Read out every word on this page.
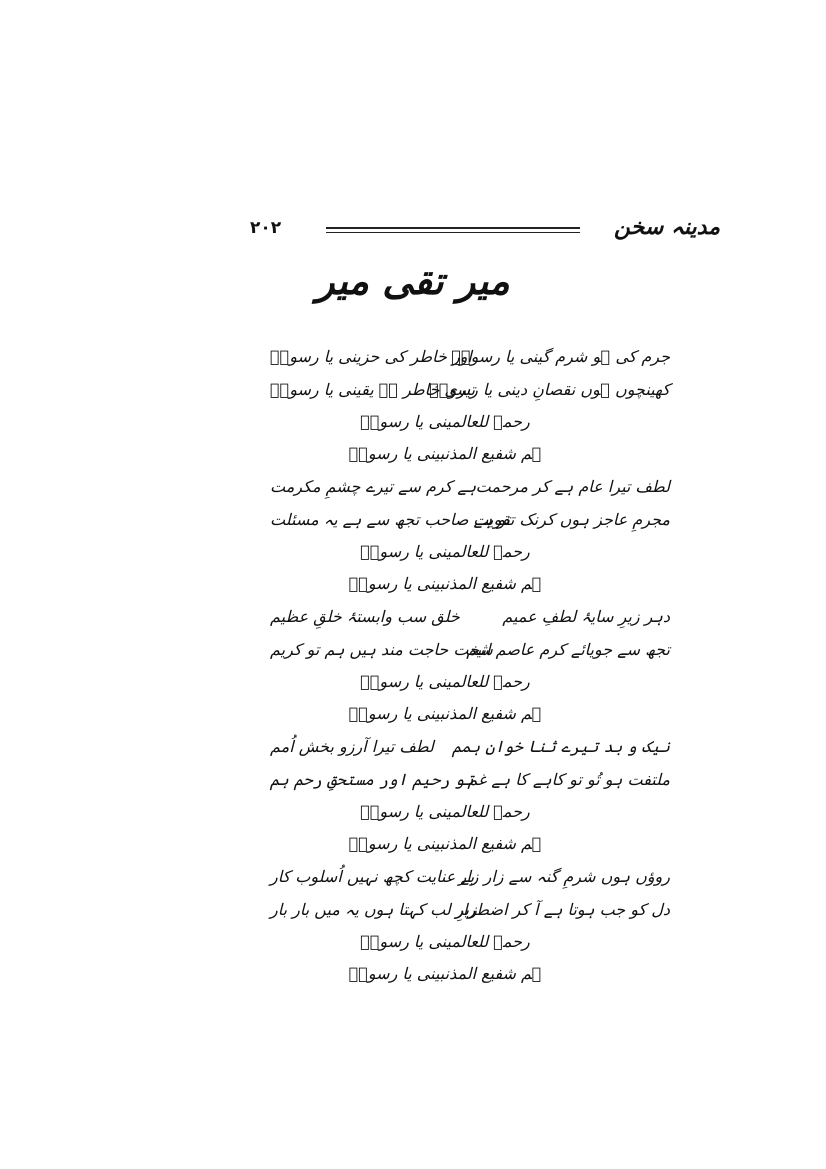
۲۰۲	مدینہ سخن
میر تقی میر
جرم کی ہو شرم گینی یا رسولؐ
اور خاطر کی حزینی یا رسولؐ
کھینچوں ہوں نقصانِ دینی یا رسولؐ
تیری خاطر ہے یقینی یا رسولؐ
رحمۃ للعالمینی یا رسولؐ
ہم شفیع المذنبینی یا رسولؐ
لطف تیرا عام ہے کر مرحمت
ہے کرم سے تیرے چشمِ مکرمت
مجرمِ عاجز ہوں کرنک تقویت
تو ہے صاحب تجھ سے ہے یہ مسئلت
رحمۃ للعالمینی یا رسولؐ
ہم شفیع المذنبینی یا رسولؐ
دہر زیرِ سایۂ لطفِ عمیم
خلق سب وابستۂ خلقِ عظیم
تجھ سے جویائے کرم عاصم اثیم
سخت حاجت مند ہیں ہم تو کریم
رحمۃ للعالمینی یا رسولؐ
ہم شفیع المذنبینی یا رسولؐ
نیک و بد تیرے ثنا خوان ہمم
لطف تیرا آرزو بخش اُمم
ملتفت ہو تُو تو کاہے کا ہے غم
تو رحیم اور مستحقِ رحم ہم
رحمۃ للعالمینی یا رسولؐ
ہم شفیع المذنبینی یا رسولؐ
روؤں ہوں شرمِ گنہ سے زار زار
بے عنایت کچھ نہیں اُسلوب کار
دل کو جب ہوتا ہے آ کر اضطرار
زیرِ لب کہتا ہوں یہ میں بار بار
رحمۃ للعالمینی یا رسولؐ
ہم شفیع المذنبینی یا رسولؐ
